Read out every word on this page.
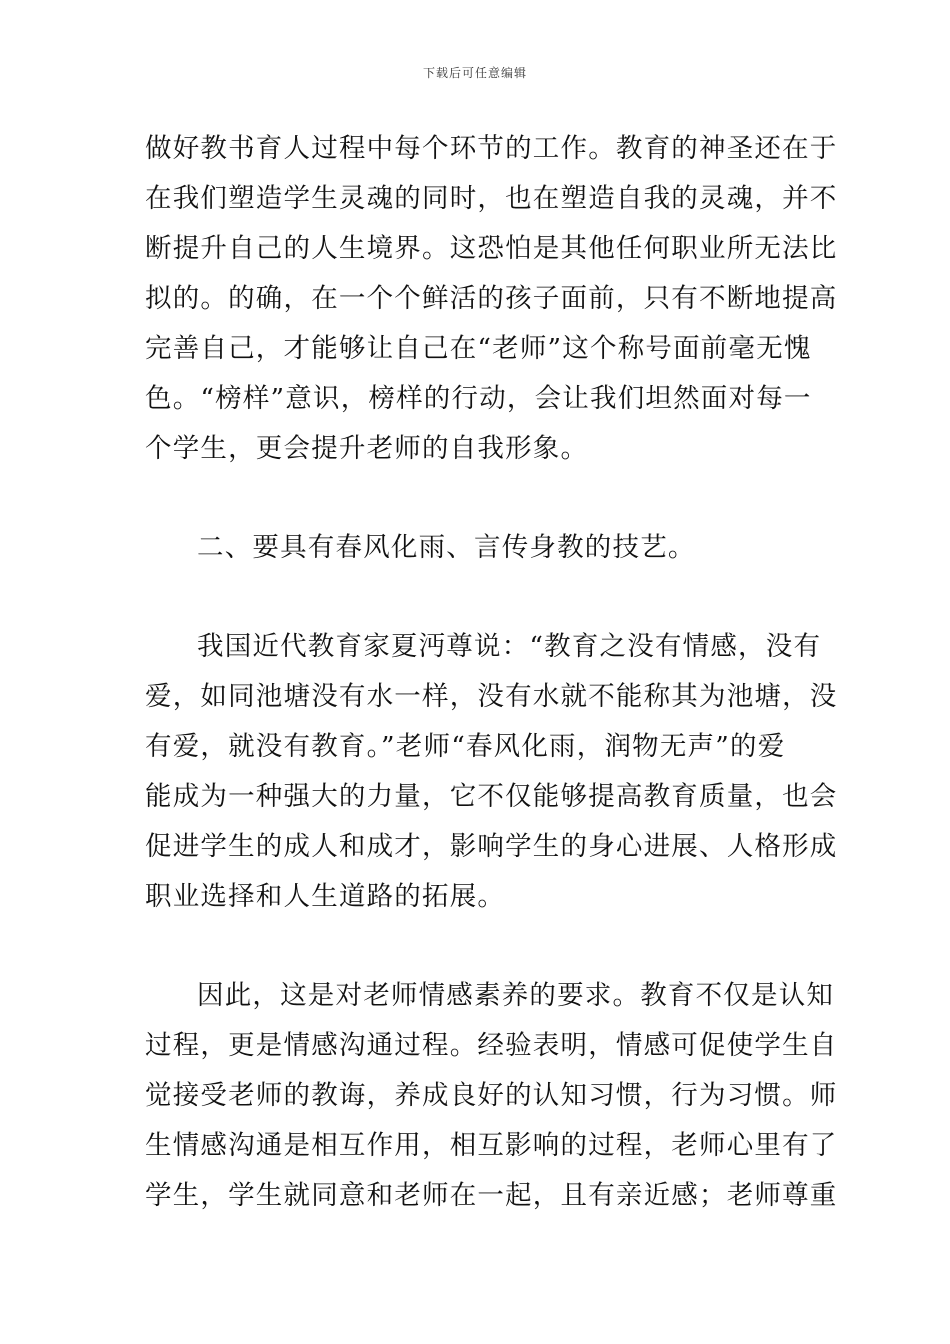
下载后可任意编辑
做好教书育人过程中每个环节的工作。教育的神圣还在于
在我们塑造学生灵魂的同时，也在塑造自我的灵魂，并不
断提升自己的人生境界。这恐怕是其他任何职业所无法比
拟的。的确，在一个个鲜活的孩子面前，只有不断地提高
完善自己，才能够让自己在“老师”这个称号面前毫无愧
色。“榜样”意识，榜样的行动，会让我们坦然面对每一
个学生，更会提升老师的自我形象。
二、要具有春风化雨、言传身教的技艺。
我国近代教育家夏沔尊说：“教育之没有情感，没有
爱，如同池塘没有水一样，没有水就不能称其为池塘，没
有爱，就没有教育。”老师“春风化雨，润物无声”的爱
能成为一种强大的力量，它不仅能够提高教育质量，也会
促进学生的成人和成才，影响学生的身心进展、人格形成
职业选择和人生道路的拓展。
因此，这是对老师情感素养的要求。教育不仅是认知
过程，更是情感沟通过程。经验表明，情感可促使学生自
觉接受老师的教诲，养成良好的认知习惯，行为习惯。师
生情感沟通是相互作用，相互影响的过程，老师心里有了
学生，学生就同意和老师在一起，且有亲近感；老师尊重
